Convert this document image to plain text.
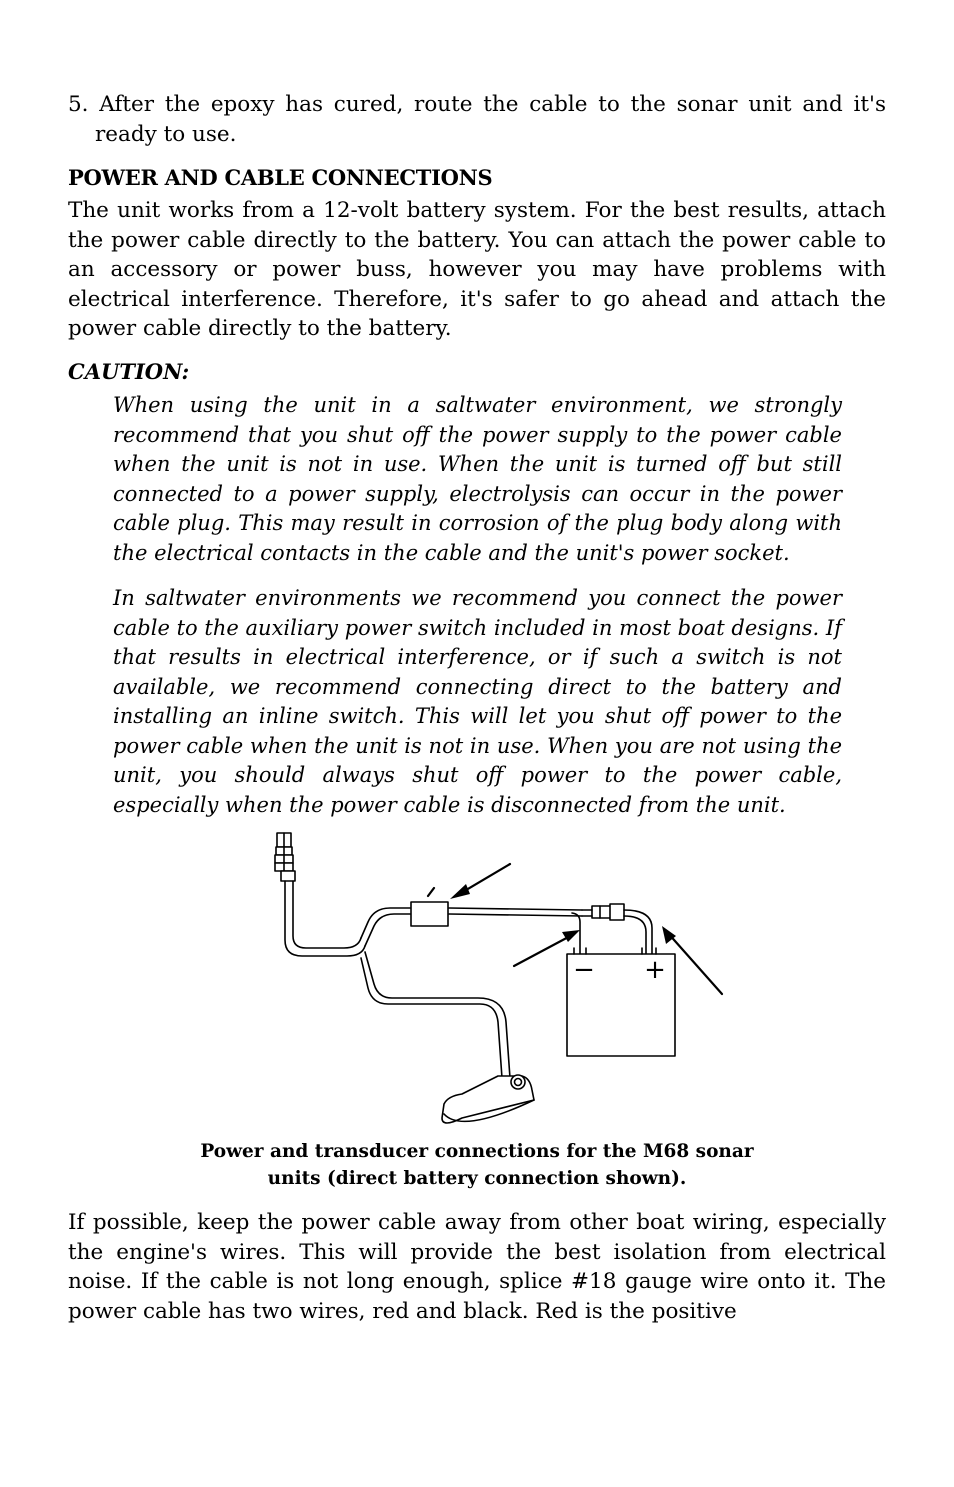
5. After the epoxy has cured, route the cable to the sonar unit and it's ready to use.
POWER AND CABLE CONNECTIONS
The unit works from a 12-volt battery system. For the best results, attach the power cable directly to the battery. You can attach the power cable to an accessory or power buss, however you may have problems with electrical interference. Therefore, it's safer to go ahead and attach the power cable directly to the battery.
CAUTION:
When using the unit in a saltwater environment, we strongly recommend that you shut off the power supply to the power cable when the unit is not in use. When the unit is turned off but still connected to a power supply, electrolysis can occur in the power cable plug. This may result in corrosion of the plug body along with the electrical contacts in the cable and the unit's power socket.
In saltwater environments we recommend you connect the power cable to the auxiliary power switch included in most boat designs. If that results in electrical interference, or if such a switch is not available, we recommend connecting direct to the battery and installing an inline switch. This will let you shut off power to the power cable when the unit is not in use. When you are not using the unit, you should always shut off power to the power cable, especially when the power cable is disconnected from the unit.
− +
Power and transducer connections for the M68 sonar
units (direct battery connection shown).
If possible, keep the power cable away from other boat wiring, especially the engine's wires. This will provide the best isolation from electrical noise. If the cable is not long enough, splice #18 gauge wire onto it. The power cable has two wires, red and black. Red is the positive
